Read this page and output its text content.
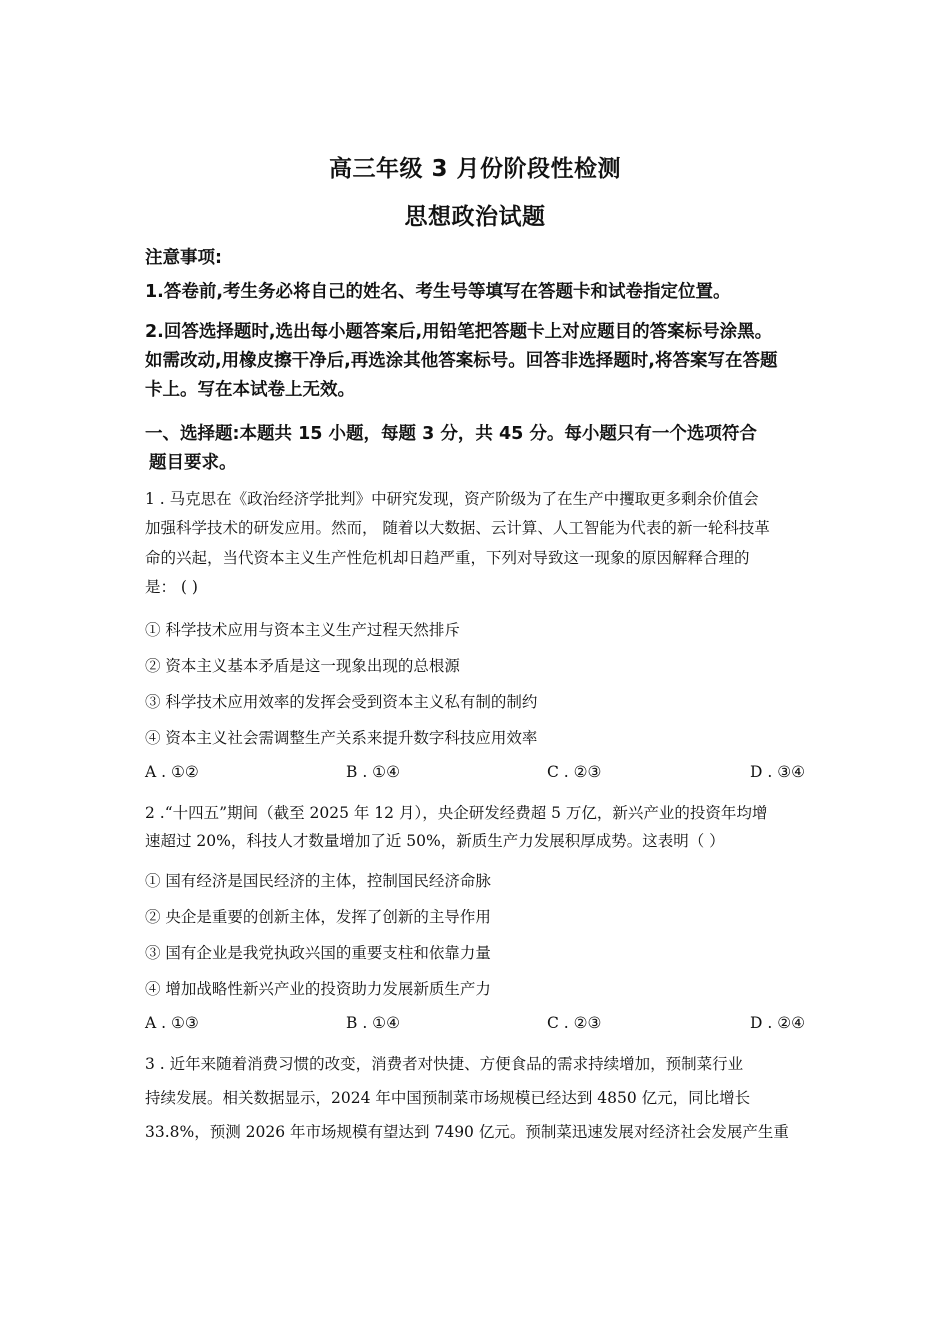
高三年级 3 月份阶段性检测
思想政治试题
注意事项:
1.答卷前,考生务必将自己的姓名、考生号等填写在答题卡和试卷指定位置。
2.回答选择题时,选出每小题答案后,用铅笔把答题卡上对应题目的答案标号涂黑。
如需改动,用橡皮擦干净后,再选涂其他答案标号。回答非选择题时,将答案写在答题
卡上。写在本试卷上无效。
一、选择题:本题共 15 小题，每题 3 分，共 45 分。每小题只有一个选项符合
题目要求。
1 . 马克思在《政治经济学批判》中研究发现，资产阶级为了在生产中攫取更多剩余价值会
加强科学技术的研发应用。然而， 随着以大数据、云计算、人工智能为代表的新一轮科技革
命的兴起，当代资本主义生产性危机却日趋严重，下列对导致这一现象的原因解释合理的
是： ( )
① 科学技术应用与资本主义生产过程天然排斥
② 资本主义基本矛盾是这一现象出现的总根源
③ 科学技术应用效率的发挥会受到资本主义私有制的制约
④ 资本主义社会需调整生产关系来提升数字科技应用效率
A . ①②	B . ①④	C . ②③	D . ③④
2 .“十四五”期间（截至 2025 年 12 月），央企研发经费超 5 万亿，新兴产业的投资年均增
速超过 20%，科技人才数量增加了近 50%，新质生产力发展积厚成势。这表明（ ）
① 国有经济是国民经济的主体，控制国民经济命脉
② 央企是重要的创新主体，发挥了创新的主导作用
③ 国有企业是我党执政兴国的重要支柱和依靠力量
④ 增加战略性新兴产业的投资助力发展新质生产力
A . ①③	B . ①④	C . ②③	D . ②④
3 . 近年来随着消费习惯的改变，消费者对快捷、方便食品的需求持续增加，预制菜行业
持续发展。相关数据显示，2024 年中国预制菜市场规模已经达到 4850 亿元，同比增长
33.8%，预测 2026 年市场规模有望达到 7490 亿元。预制菜迅速发展对经济社会发展产生重
